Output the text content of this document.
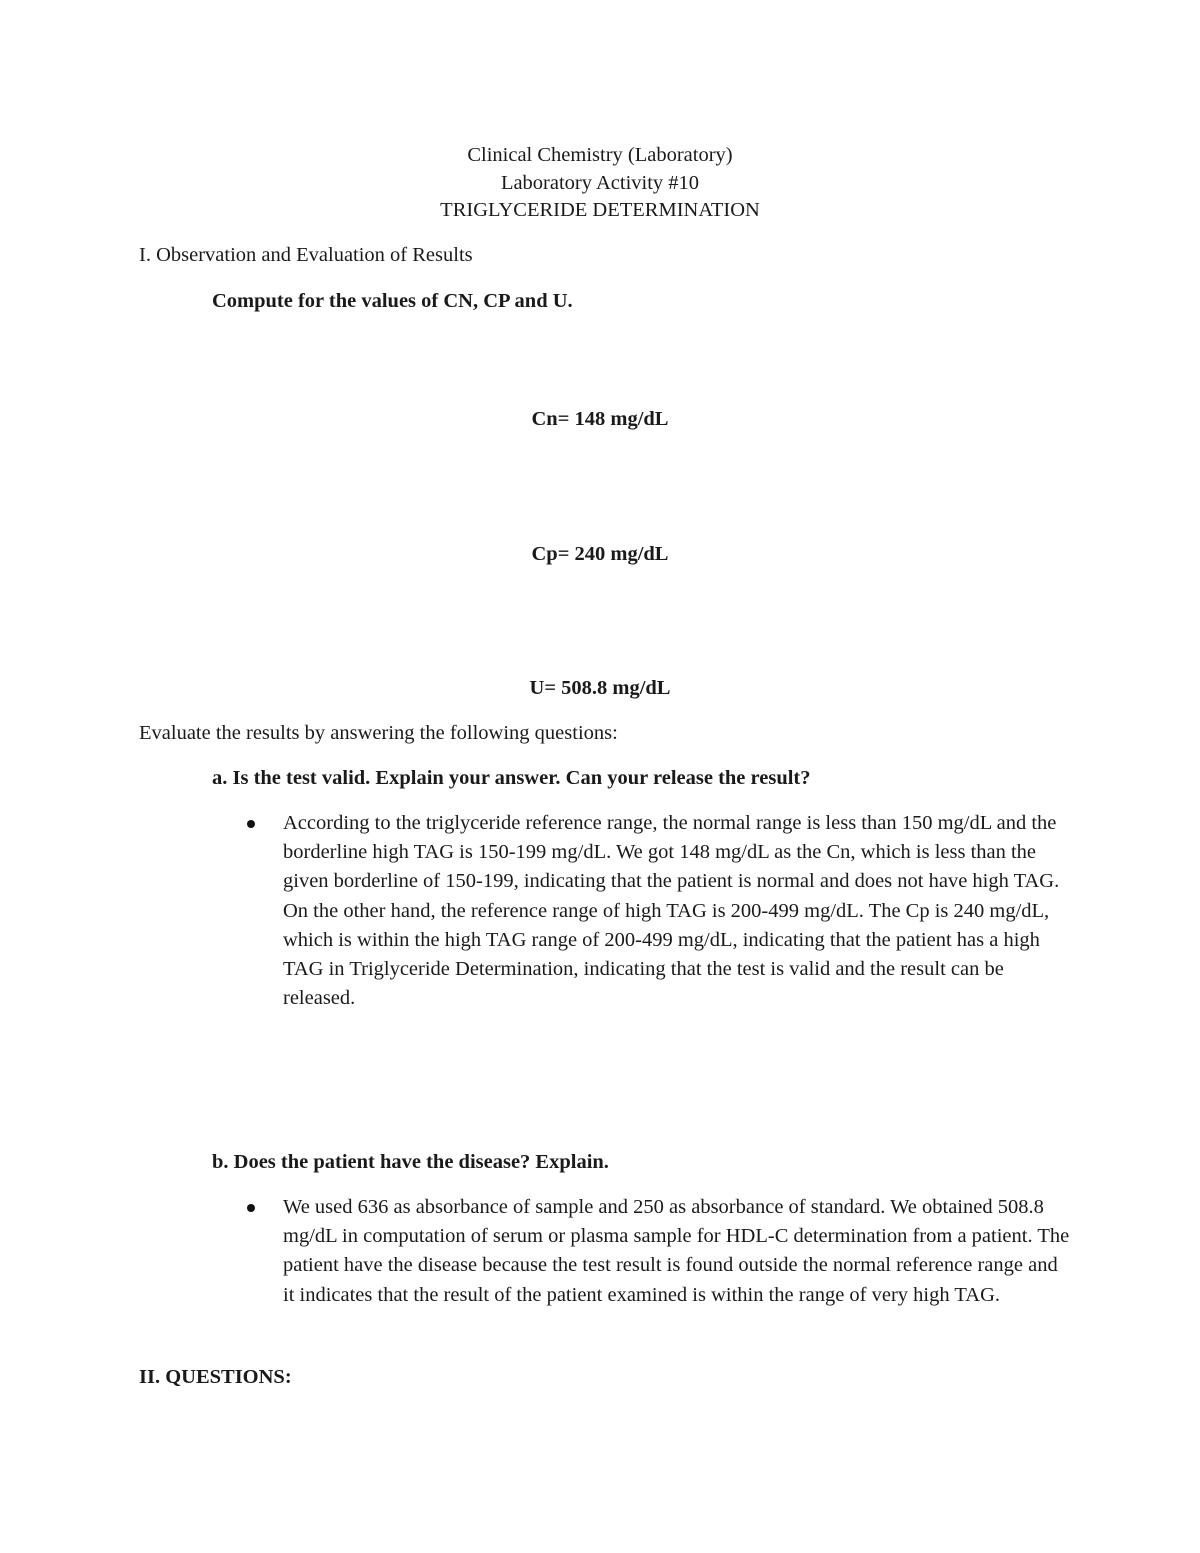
Clinical Chemistry (Laboratory)

Laboratory Activity #10

TRIGLYCERIDE DETERMINATION

I. Observation and Evaluation of Results

Compute for the values of CN, CP and U.

Cn= 148 mg/dL

Cp= 240 mg/dL

U= 508.8 mg/dL

Evaluate the results by answering the following questions:

a. Is the test valid. Explain your answer. Can your release the result?

According to the triglyceride reference range, the normal range is less than 150 mg/dL and the borderline high TAG is 150-199 mg/dL. We got 148 mg/dL as the Cn, which is less than the given borderline of 150-199, indicating that the patient is normal and does not have high TAG. On the other hand, the reference range of high TAG is 200-499 mg/dL. The Cp is 240 mg/dL, which is within the high TAG range of 200-499 mg/dL, indicating that the patient has a high TAG in Triglyceride Determination, indicating that the test is valid and the result can be released.

b. Does the patient have the disease? Explain.

We used 636 as absorbance of sample and 250 as absorbance of standard. We obtained 508.8 mg/dL in computation of serum or plasma sample for HDL-C determination from a patient. The patient have the disease because the test result is found outside the normal reference range and it indicates that the result of the patient examined is within the range of very high TAG.

II. QUESTIONS:
